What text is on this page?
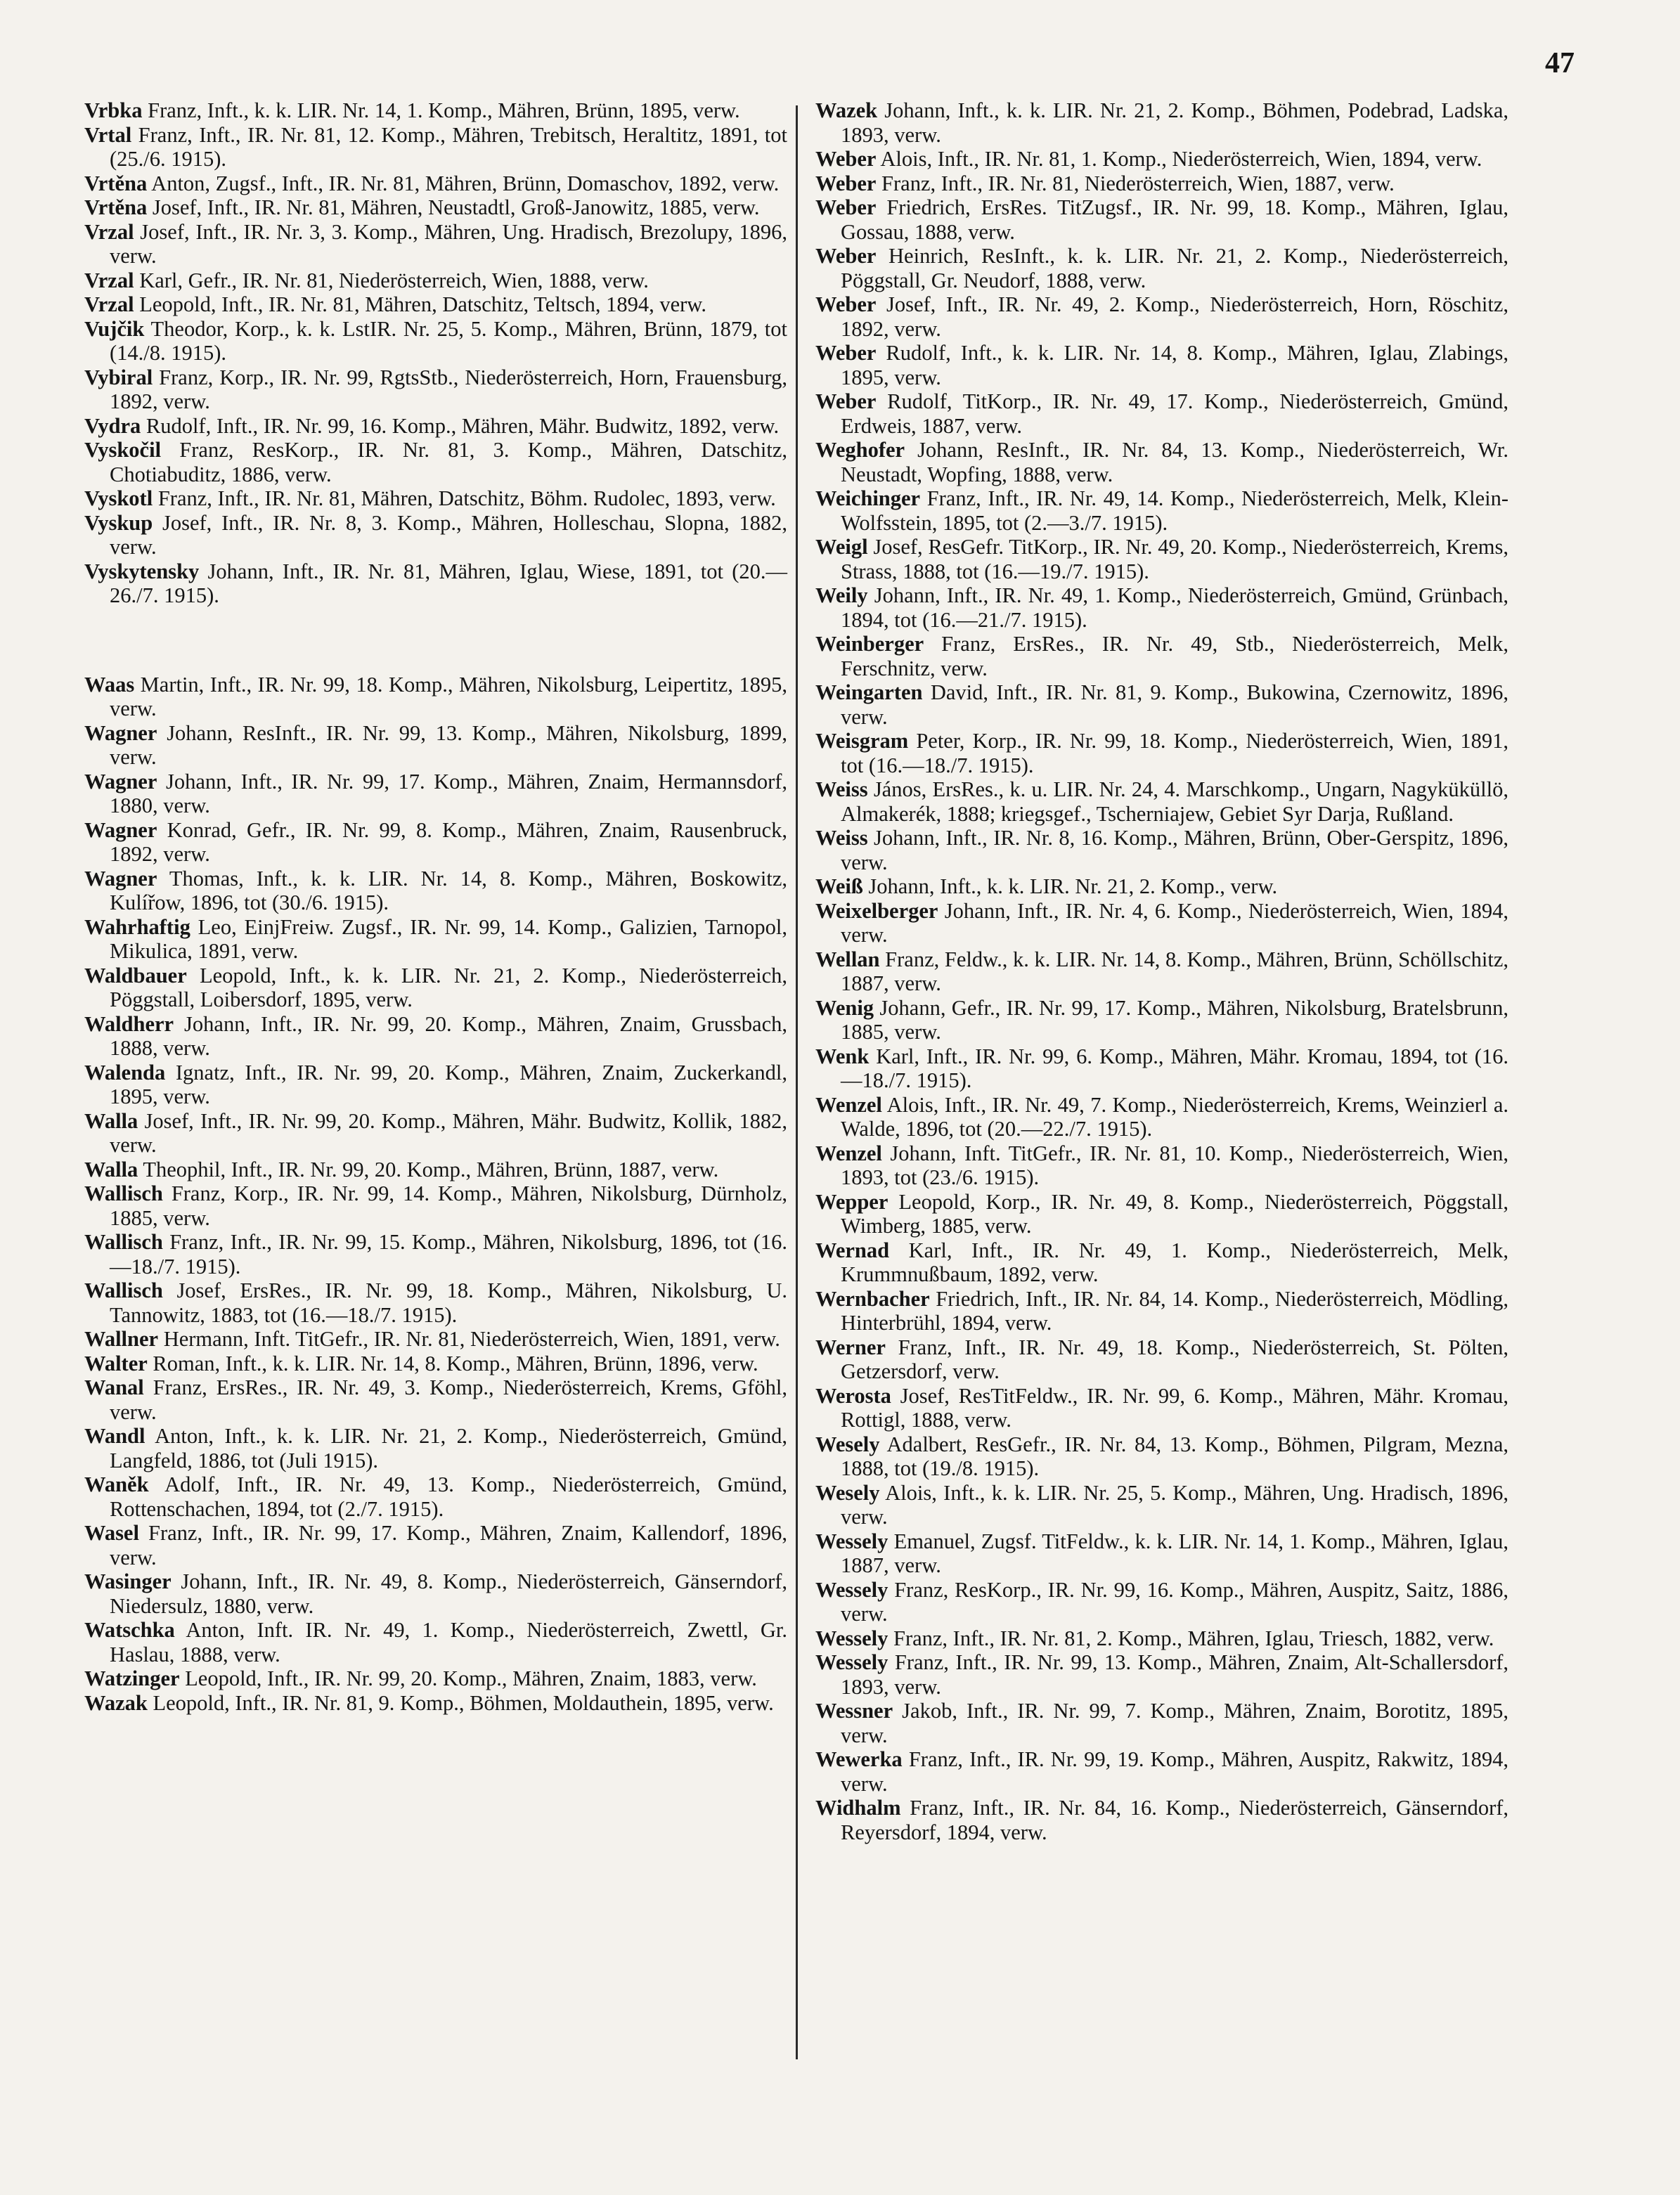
47

Vrbka Franz, Inft., k. k. LIR. Nr. 14, 1. Komp., Mähren, Brünn, 1895, verw.

Vrtal Franz, Inft., IR. Nr. 81, 12. Komp., Mähren, Trebitsch, Heraltitz, 1891, tot (25./6. 1915).

Vrtěna Anton, Zugsf., Inft., IR. Nr. 81, Mähren, Brünn, Domaschov, 1892, verw.

Vrtěna Josef, Inft., IR. Nr. 81, Mähren, Neustadtl, Groß-Janowitz, 1885, verw.

Vrzal Josef, Inft., IR. Nr. 3, 3. Komp., Mähren, Ung. Hradisch, Brezolupy, 1896, verw.

Vrzal Karl, Gefr., IR. Nr. 81, Niederösterreich, Wien, 1888, verw.

Vrzal Leopold, Inft., IR. Nr. 81, Mähren, Datschitz, Teltsch, 1894, verw.

Vujčik Theodor, Korp., k. k. LstIR. Nr. 25, 5. Komp., Mähren, Brünn, 1879, tot (14./8. 1915).

Vybiral Franz, Korp., IR. Nr. 99, RgtsStb., Niederösterreich, Horn, Frauensburg, 1892, verw.

Vydra Rudolf, Inft., IR. Nr. 99, 16. Komp., Mähren, Mähr. Budwitz, 1892, verw.

Vyskočil Franz, ResKorp., IR. Nr. 81, 3. Komp., Mähren, Datschitz, Chotiabuditz, 1886, verw.

Vyskotl Franz, Inft., IR. Nr. 81, Mähren, Datschitz, Böhm. Rudolec, 1893, verw.

Vyskup Josef, Inft., IR. Nr. 8, 3. Komp., Mähren, Holleschau, Slopna, 1882, verw.

Vyskytensky Johann, Inft., IR. Nr. 81, Mähren, Iglau, Wiese, 1891, tot (20.—26./7. 1915).

Waas Martin, Inft., IR. Nr. 99, 18. Komp., Mähren, Nikolsburg, Leipertitz, 1895, verw.

Wagner Johann, ResInft., IR. Nr. 99, 13. Komp., Mähren, Nikolsburg, 1899, verw.

Wagner Johann, Inft., IR. Nr. 99, 17. Komp., Mähren, Znaim, Hermannsdorf, 1880, verw.

Wagner Konrad, Gefr., IR. Nr. 99, 8. Komp., Mähren, Znaim, Rausenbruck, 1892, verw.

Wagner Thomas, Inft., k. k. LIR. Nr. 14, 8. Komp., Mähren, Boskowitz, Kulířow, 1896, tot (30./6. 1915).

Wahrhaftig Leo, EinjFreiw. Zugsf., IR. Nr. 99, 14. Komp., Galizien, Tarnopol, Mikulica, 1891, verw.

Waldbauer Leopold, Inft., k. k. LIR. Nr. 21, 2. Komp., Niederösterreich, Pöggstall, Loibersdorf, 1895, verw.

Waldherr Johann, Inft., IR. Nr. 99, 20. Komp., Mähren, Znaim, Grussbach, 1888, verw.

Walenda Ignatz, Inft., IR. Nr. 99, 20. Komp., Mähren, Znaim, Zuckerkandl, 1895, verw.

Walla Josef, Inft., IR. Nr. 99, 20. Komp., Mähren, Mähr. Budwitz, Kollik, 1882, verw.

Walla Theophil, Inft., IR. Nr. 99, 20. Komp., Mähren, Brünn, 1887, verw.

Wallisch Franz, Korp., IR. Nr. 99, 14. Komp., Mähren, Nikolsburg, Dürnholz, 1885, verw.

Wallisch Franz, Inft., IR. Nr. 99, 15. Komp., Mähren, Nikolsburg, 1896, tot (16.—18./7. 1915).

Wallisch Josef, ErsRes., IR. Nr. 99, 18. Komp., Mähren, Nikolsburg, U. Tannowitz, 1883, tot (16.—18./7. 1915).

Wallner Hermann, Inft. TitGefr., IR. Nr. 81, Niederösterreich, Wien, 1891, verw.

Walter Roman, Inft., k. k. LIR. Nr. 14, 8. Komp., Mähren, Brünn, 1896, verw.

Wanal Franz, ErsRes., IR. Nr. 49, 3. Komp., Niederösterreich, Krems, Gföhl, verw.

Wandl Anton, Inft., k. k. LIR. Nr. 21, 2. Komp., Niederösterreich, Gmünd, Langfeld, 1886, tot (Juli 1915).

Waněk Adolf, Inft., IR. Nr. 49, 13. Komp., Niederösterreich, Gmünd, Rottenschachen, 1894, tot (2./7. 1915).

Wasel Franz, Inft., IR. Nr. 99, 17. Komp., Mähren, Znaim, Kallendorf, 1896, verw.

Wasinger Johann, Inft., IR. Nr. 49, 8. Komp., Niederösterreich, Gänserndorf, Niedersulz, 1880, verw.

Watschka Anton, Inft. IR. Nr. 49, 1. Komp., Niederösterreich, Zwettl, Gr. Haslau, 1888, verw.

Watzinger Leopold, Inft., IR. Nr. 99, 20. Komp., Mähren, Znaim, 1883, verw.

Wazak Leopold, Inft., IR. Nr. 81, 9. Komp., Böhmen, Moldauthein, 1895, verw.

Wazek Johann, Inft., k. k. LIR. Nr. 21, 2. Komp., Böhmen, Podebrad, Ladska, 1893, verw.

Weber Alois, Inft., IR. Nr. 81, 1. Komp., Niederösterreich, Wien, 1894, verw.

Weber Franz, Inft., IR. Nr. 81, Niederösterreich, Wien, 1887, verw.

Weber Friedrich, ErsRes. TitZugsf., IR. Nr. 99, 18. Komp., Mähren, Iglau, Gossau, 1888, verw.

Weber Heinrich, ResInft., k. k. LIR. Nr. 21, 2. Komp., Niederösterreich, Pöggstall, Gr. Neudorf, 1888, verw.

Weber Josef, Inft., IR. Nr. 49, 2. Komp., Niederösterreich, Horn, Röschitz, 1892, verw.

Weber Rudolf, Inft., k. k. LIR. Nr. 14, 8. Komp., Mähren, Iglau, Zlabings, 1895, verw.

Weber Rudolf, TitKorp., IR. Nr. 49, 17. Komp., Niederösterreich, Gmünd, Erdweis, 1887, verw.

Weghofer Johann, ResInft., IR. Nr. 84, 13. Komp., Niederösterreich, Wr. Neustadt, Wopfing, 1888, verw.

Weichinger Franz, Inft., IR. Nr. 49, 14. Komp., Niederösterreich, Melk, Klein-Wolfsstein, 1895, tot (2.—3./7. 1915).

Weigl Josef, ResGefr. TitKorp., IR. Nr. 49, 20. Komp., Niederösterreich, Krems, Strass, 1888, tot (16.—19./7. 1915).

Weily Johann, Inft., IR. Nr. 49, 1. Komp., Niederösterreich, Gmünd, Grünbach, 1894, tot (16.—21./7. 1915).

Weinberger Franz, ErsRes., IR. Nr. 49, Stb., Niederösterreich, Melk, Ferschnitz, verw.

Weingarten David, Inft., IR. Nr. 81, 9. Komp., Bukowina, Czernowitz, 1896, verw.

Weisgram Peter, Korp., IR. Nr. 99, 18. Komp., Niederösterreich, Wien, 1891, tot (16.—18./7. 1915).

Weiss János, ErsRes., k. u. LIR. Nr. 24, 4. Marschkomp., Ungarn, Nagyküküllö, Almakerék, 1888; kriegsgef., Tscherniajew, Gebiet Syr Darja, Rußland.

Weiss Johann, Inft., IR. Nr. 8, 16. Komp., Mähren, Brünn, Ober-Gerspitz, 1896, verw.

Weiß Johann, Inft., k. k. LIR. Nr. 21, 2. Komp., verw.

Weixelberger Johann, Inft., IR. Nr. 4, 6. Komp., Niederösterreich, Wien, 1894, verw.

Wellan Franz, Feldw., k. k. LIR. Nr. 14, 8. Komp., Mähren, Brünn, Schöllschitz, 1887, verw.

Wenig Johann, Gefr., IR. Nr. 99, 17. Komp., Mähren, Nikolsburg, Bratelsbrunn, 1885, verw.

Wenk Karl, Inft., IR. Nr. 99, 6. Komp., Mähren, Mähr. Kromau, 1894, tot (16.—18./7. 1915).

Wenzel Alois, Inft., IR. Nr. 49, 7. Komp., Niederösterreich, Krems, Weinzierl a. Walde, 1896, tot (20.—22./7. 1915).

Wenzel Johann, Inft. TitGefr., IR. Nr. 81, 10. Komp., Niederösterreich, Wien, 1893, tot (23./6. 1915).

Wepper Leopold, Korp., IR. Nr. 49, 8. Komp., Niederösterreich, Pöggstall, Wimberg, 1885, verw.

Wernad Karl, Inft., IR. Nr. 49, 1. Komp., Niederösterreich, Melk, Krummnußbaum, 1892, verw.

Wernbacher Friedrich, Inft., IR. Nr. 84, 14. Komp., Niederösterreich, Mödling, Hinterbrühl, 1894, verw.

Werner Franz, Inft., IR. Nr. 49, 18. Komp., Niederösterreich, St. Pölten, Getzersdorf, verw.

Werosta Josef, ResTitFeldw., IR. Nr. 99, 6. Komp., Mähren, Mähr. Kromau, Rottigl, 1888, verw.

Wesely Adalbert, ResGefr., IR. Nr. 84, 13. Komp., Böhmen, Pilgram, Mezna, 1888, tot (19./8. 1915).

Wesely Alois, Inft., k. k. LIR. Nr. 25, 5. Komp., Mähren, Ung. Hradisch, 1896, verw.

Wessely Emanuel, Zugsf. TitFeldw., k. k. LIR. Nr. 14, 1. Komp., Mähren, Iglau, 1887, verw.

Wessely Franz, ResKorp., IR. Nr. 99, 16. Komp., Mähren, Auspitz, Saitz, 1886, verw.

Wessely Franz, Inft., IR. Nr. 81, 2. Komp., Mähren, Iglau, Triesch, 1882, verw.

Wessely Franz, Inft., IR. Nr. 99, 13. Komp., Mähren, Znaim, Alt-Schallersdorf, 1893, verw.

Wessner Jakob, Inft., IR. Nr. 99, 7. Komp., Mähren, Znaim, Borotitz, 1895, verw.

Wewerka Franz, Inft., IR. Nr. 99, 19. Komp., Mähren, Auspitz, Rakwitz, 1894, verw.

Widhalm Franz, Inft., IR. Nr. 84, 16. Komp., Niederösterreich, Gänserndorf, Reyersdorf, 1894, verw.
